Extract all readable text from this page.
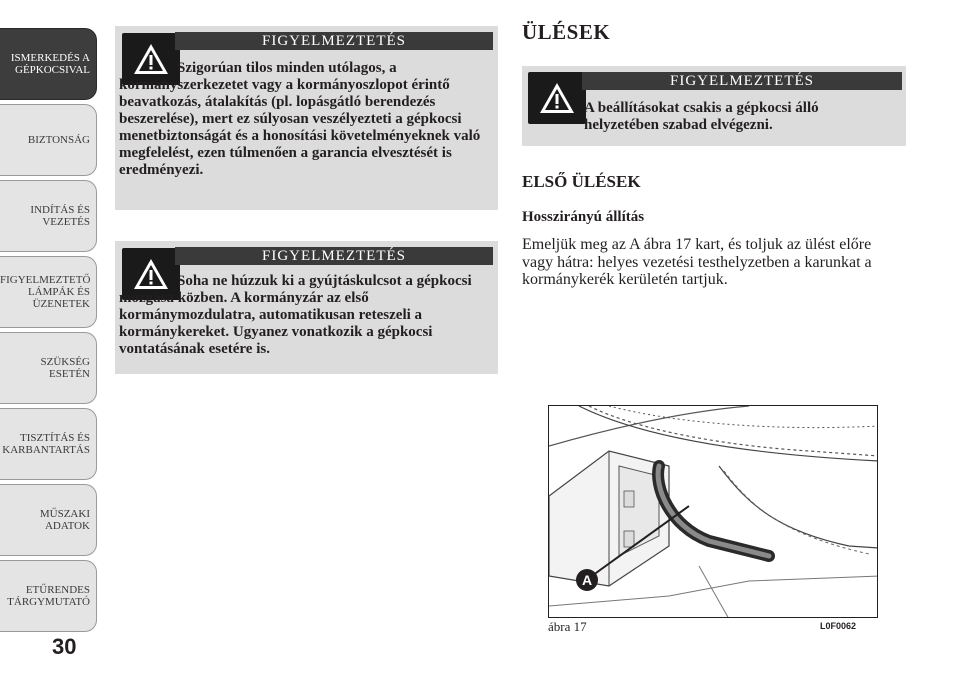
ISMERKEDÉS A
GÉPKOCSIVAL
BIZTONSÁG
INDÍTÁS ÉS
VEZETÉS
FIGYELMEZTETŐ
LÁMPÁK ÉS
ÜZENETEK
SZÜKSÉG ESETÉN
TISZTÍTÁS ÉS
KARBANTARTÁS
MŰSZAKI ADATOK
ETŰRENDES
TÁRGYMUTATÓ
30
FIGYELMEZTETÉS
Szigorúan tilos minden utólagos, a kormányszerkezetet vagy a kormányoszlopot érintő beavatkozás, átalakítás (pl. lopásgátló berendezés beszerelése), mert ez súlyosan veszélyezteti a gépkocsi menetbiztonságát és a honosítási követelményeknek való megfelelést, ezen túlmenően a garancia elvesztését is eredményezi.
FIGYELMEZTETÉS
Soha ne húzzuk ki a gyújtáskulcsot a gépkocsi mozgása közben. A kormányzár az első kormánymozdulatra, automatikusan reteszeli a kormánykereket. Ugyanez vonatkozik a gépkocsi vontatásának esetére is.
ÜLÉSEK
FIGYELMEZTETÉS
A beállításokat csakis a gépkocsi álló helyzetében szabad elvégezni.
ELSŐ ÜLÉSEK
Hosszirányú állítás
Emeljük meg az A ábra 17 kart, és toljuk az ülést előre vagy hátra: helyes vezetési testhelyzetben a karunkat a kormánykerék kerületén tartjuk.
A
ábra 17	L0F0062
